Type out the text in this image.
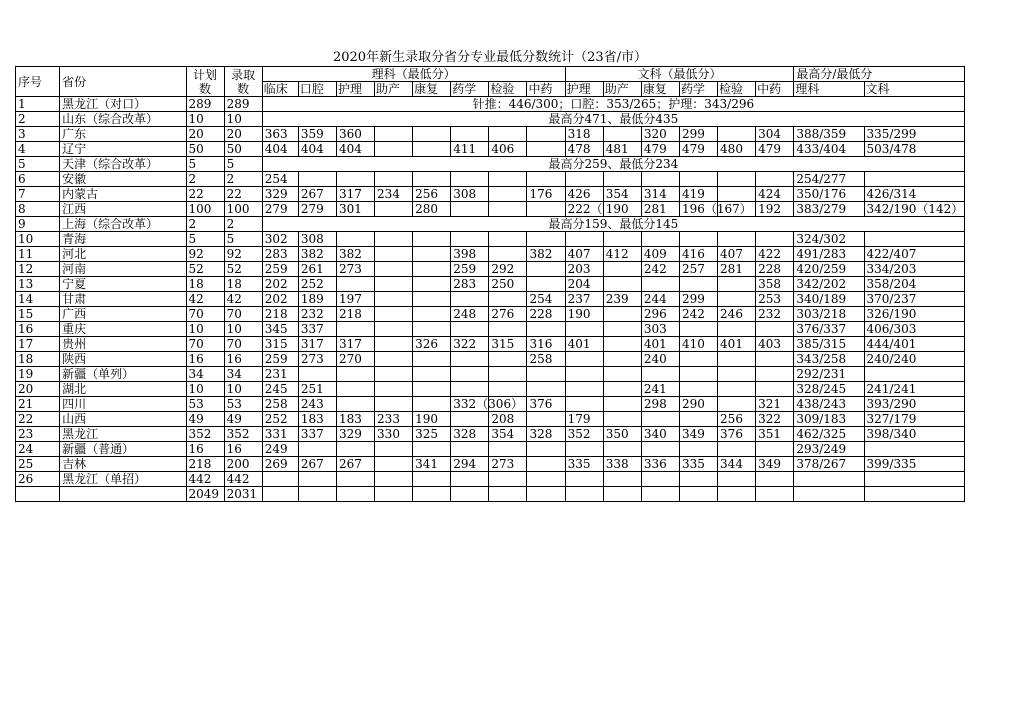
2020年新生录取分省分专业最低分数统计（23省/市）
序号	省份	计划数	录取数	理科（最低分）								文科（最低分）						最高分/最低分	
				临床	口腔	护理	助产	康复	药学	检验	中药	护理	助产	康复	药学	检验	中药	理科	文科
1	黑龙江（对口）	289	289	针推：446/300；口腔：353/265；护理：343/296															
2	山东（综合改革）	10	10	最高分471、最低分435															
3	广东	20	20	363	359	360						318		320	299		304	388/359	335/299
4	辽宁	50	50	404	404	404			411	406		478	481	479	479	480	479	433/404	503/478
5	天津（综合改革）	5	5	最高分259、最低分234															
6	安徽	2	2	254														254/277	
7	内蒙古	22	22	329	267	317	234	256	308		176	426	354	314	419		424	350/176	426/314
8	江西	100	100	279	279	301		280				222（	190	281	196（167）		192	383/279	342/190（142）
9	上海（综合改革）	2	2	最高分159、最低分145															
10	青海	5	5	302	308													324/302	
11	河北	92	92	283	382	382			398		382	407	412	409	416	407	422	491/283	422/407
12	河南	52	52	259	261	273			259	292		203		242	257	281	228	420/259	334/203
13	宁夏	18	18	202	252				283	250		204					358	342/202	358/204
14	甘肃	42	42	202	189	197					254	237	239	244	299		253	340/189	370/237
15	广西	70	70	218	232	218			248	276	228	190		296	242	246	232	303/218	326/190
16	重庆	10	10	345	337									303				376/337	406/303
17	贵州	70	70	315	317	317		326	322	315	316	401		401	410	401	403	385/315	444/401
18	陕西	16	16	259	273	270					258			240				343/258	240/240
19	新疆（单列）	34	34	231														292/231	
20	湖北	10	10	245	251									241				328/245	241/241
21	四川	53	53	258	243				332（306）		376			298	290		321	438/243	393/290
22	山西	49	49	252	183	183	233	190		208		179				256	322	309/183	327/179
23	黑龙江	352	352	331	337	329	330	325	328	354	328	352	350	340	349	376	351	462/325	398/340
24	新疆（普通）	16	16	249														293/249	
25	吉林	218	200	269	267	267		341	294	273		335	338	336	335	344	349	378/267	399/335
26	黑龙江（单招）	442	442																
		2049	2031																
